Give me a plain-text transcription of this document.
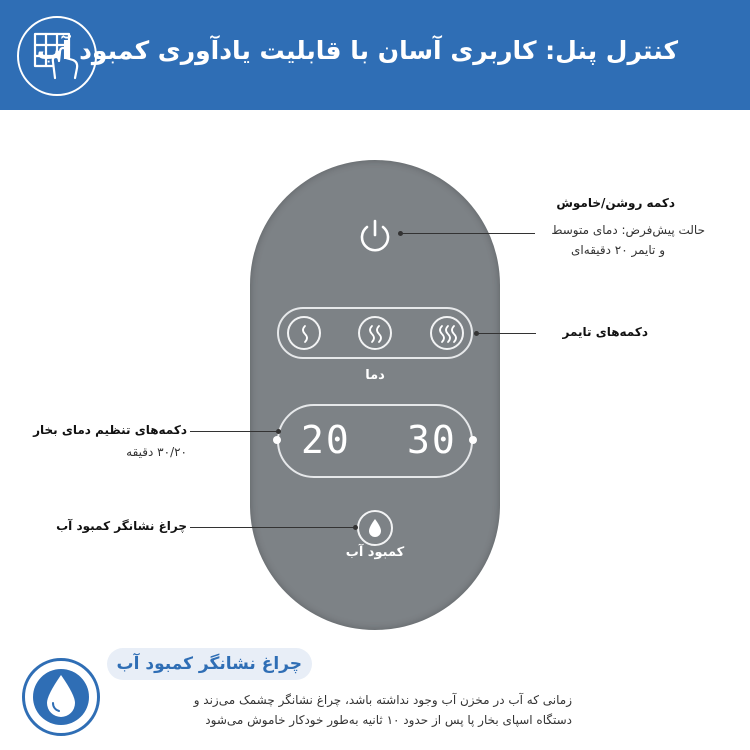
کنترل پنل: کاربری آسان با قابلیت یادآوری کمبود آب
دما
20 30
کمبود آب
دکمه روشن/خاموش
حالت پیش‌فرض: دمای متوسط
و تایمر ۲۰ دقیقه‌ای
دکمه‌های تایمر
دکمه‌های تنظیم دمای بخار
۳۰/۲۰ دقیقه
چراغ نشانگر کمبود آب
چراغ نشانگر کمبود آب
زمانی که آب در مخزن آب وجود نداشته باشد، چراغ نشانگر چشمک می‌زند و
دستگاه اسپای بخار پا پس از حدود ۱۰ ثانیه به‌طور خودکار خاموش می‌شود
